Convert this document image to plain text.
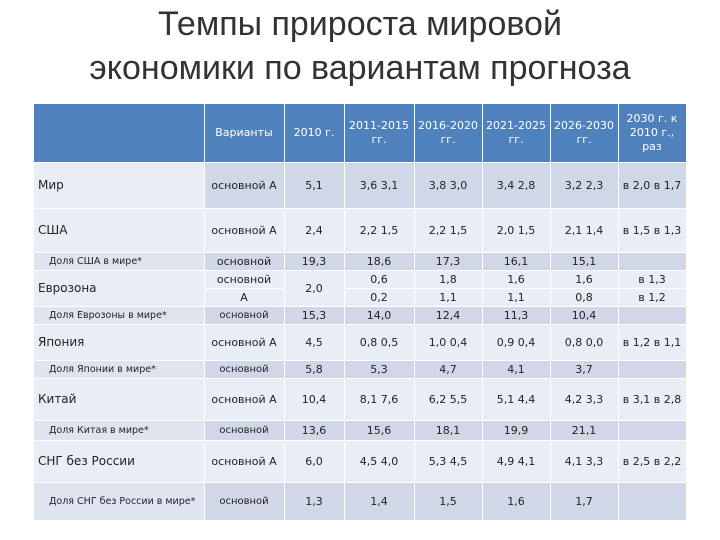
Темпы прироста мировой
экономики по вариантам прогноза
	Варианты	2010 г.	2011-2015 гг.	2016-2020 гг.	2021-2025 гг.	2026-2030 гг.	2030 г. к 2010 г., раз
Мир	основной А	5,1	3,6 3,1	3,8 3,0	3,4 2,8	3,2 2,3	в 2,0 в 1,7
США	основной А	2,4	2,2 1,5	2,2 1,5	2,0 1,5	2,1 1,4	в 1,5 в 1,3
Доля США в мире*	основной	19,3	18,6	17,3	16,1	15,1	
Еврозона	основной	2,0	0,6	1,8	1,6	1,6	в 1,3
	А		0,2	1,1	1,1	0,8	в 1,2
Доля Еврозоны в мире*	основной	15,3	14,0	12,4	11,3	10,4	
Япония	основной А	4,5	0,8 0,5	1,0 0,4	0,9 0,4	0,8 0,0	в 1,2 в 1,1
Доля Японии в мире*	основной	5,8	5,3	4,7	4,1	3,7	
Китай	основной А	10,4	8,1 7,6	6,2 5,5	5,1 4,4	4,2 3,3	в 3,1 в 2,8
Доля Китая в мире*	основной	13,6	15,6	18,1	19,9	21,1	
СНГ без России	основной А	6,0	4,5 4,0	5,3 4,5	4,9 4,1	4,1 3,3	в 2,5 в 2,2
Доля СНГ без России в мире*	основной	1,3	1,4	1,5	1,6	1,7	
